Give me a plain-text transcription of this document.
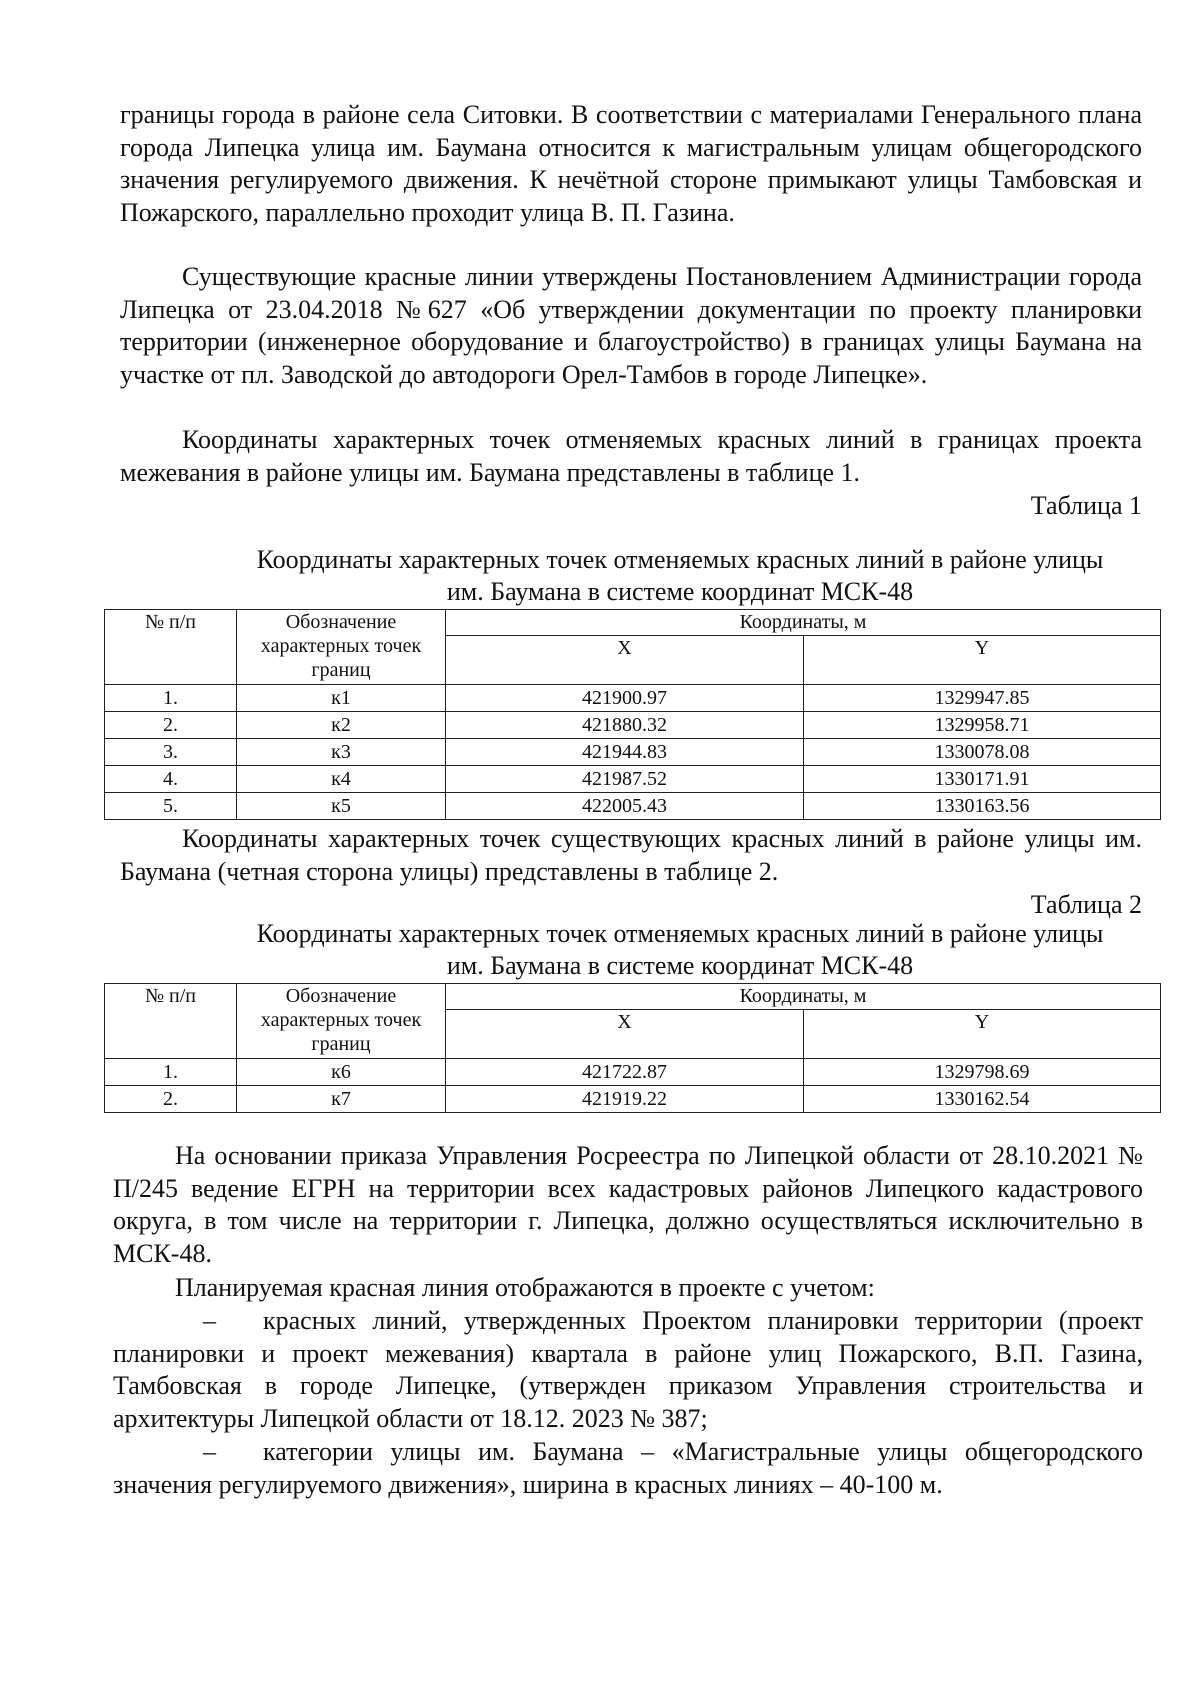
границы города в районе села Ситовки. В соответствии с материалами Генерального плана города Липецка улица им. Баумана относится к магистральным улицам общегородского значения регулируемого движения. К нечётной стороне примыкают улицы Тамбовская и Пожарского, параллельно проходит улица В. П. Газина.

Существующие красные линии утверждены Постановлением Администрации города Липецка от 23.04.2018 №627 «Об утверждении документации по проекту планировки территории (инженерное оборудование и благоустройство) в границах улицы Баумана на участке от пл. Заводской до автодороги Орел-Тамбов в городе Липецке».

Координаты характерных точек отменяемых красных линий в границах проекта межевания в районе улицы им. Баумана представлены в таблице 1.

Таблица 1
Координаты характерных точек отменяемых красных линий в районе улицы им. Баумана в системе координат МСК-48
№ п/п	Обозначение характерных точек границ	Координаты, м	
		X	Y
1.	к1	421900.97	1329947.85
2.	к2	421880.32	1329958.71
3.	к3	421944.83	1330078.08
4.	к4	421987.52	1330171.91
5.	к5	422005.43	1330163.56

Координаты характерных точек существующих красных линий в районе улицы им. Баумана (четная сторона улицы) представлены в таблице 2.

Таблица 2
Координаты характерных точек отменяемых красных линий в районе улицы им. Баумана в системе координат МСК-48
№ п/п	Обозначение характерных точек границ	Координаты, м	
		X	Y
1.	к6	421722.87	1329798.69
2.	к7	421919.22	1330162.54

На основании приказа Управления Росреестра по Липецкой области от 28.10.2021 № П/245 ведение ЕГРН на территории всех кадастровых районов Липецкого кадастрового округа, в том числе на территории г. Липецка, должно осуществляться исключительно в МСК-48.

Планируемая красная линия отображаются в проекте с учетом:

– красных линий, утвержденных Проектом планировки территории (проект планировки и проект межевания) квартала в районе улиц Пожарского, В.П. Газина, Тамбовская в городе Липецке, (утвержден приказом Управления строительства и архитектуры Липецкой области от 18.12. 2023 № 387;

– категории улицы им. Баумана – «Магистральные улицы общегородского значения регулируемого движения», ширина в красных линиях – 40-100 м.
